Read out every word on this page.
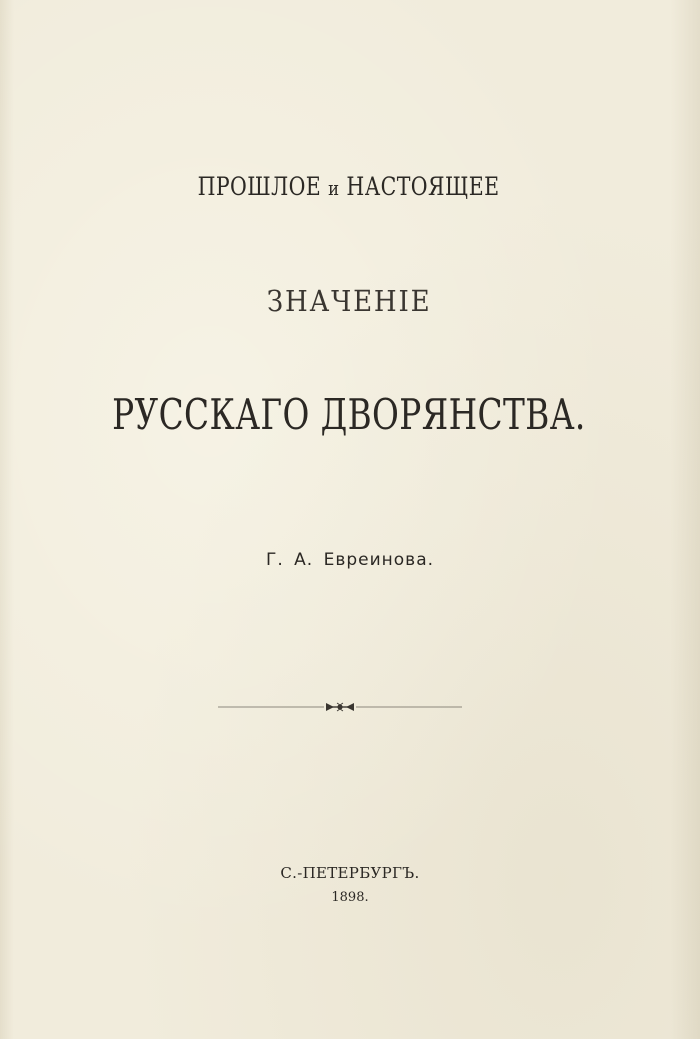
ПРОШЛОЕ и НАСТОЯЩЕЕ
ЗНАЧЕНІЕ
РУССКАГО ДВОРЯНСТВА.
Г. А. Евреинова.
С.-ПЕТЕРБУРГЪ.
1898.
